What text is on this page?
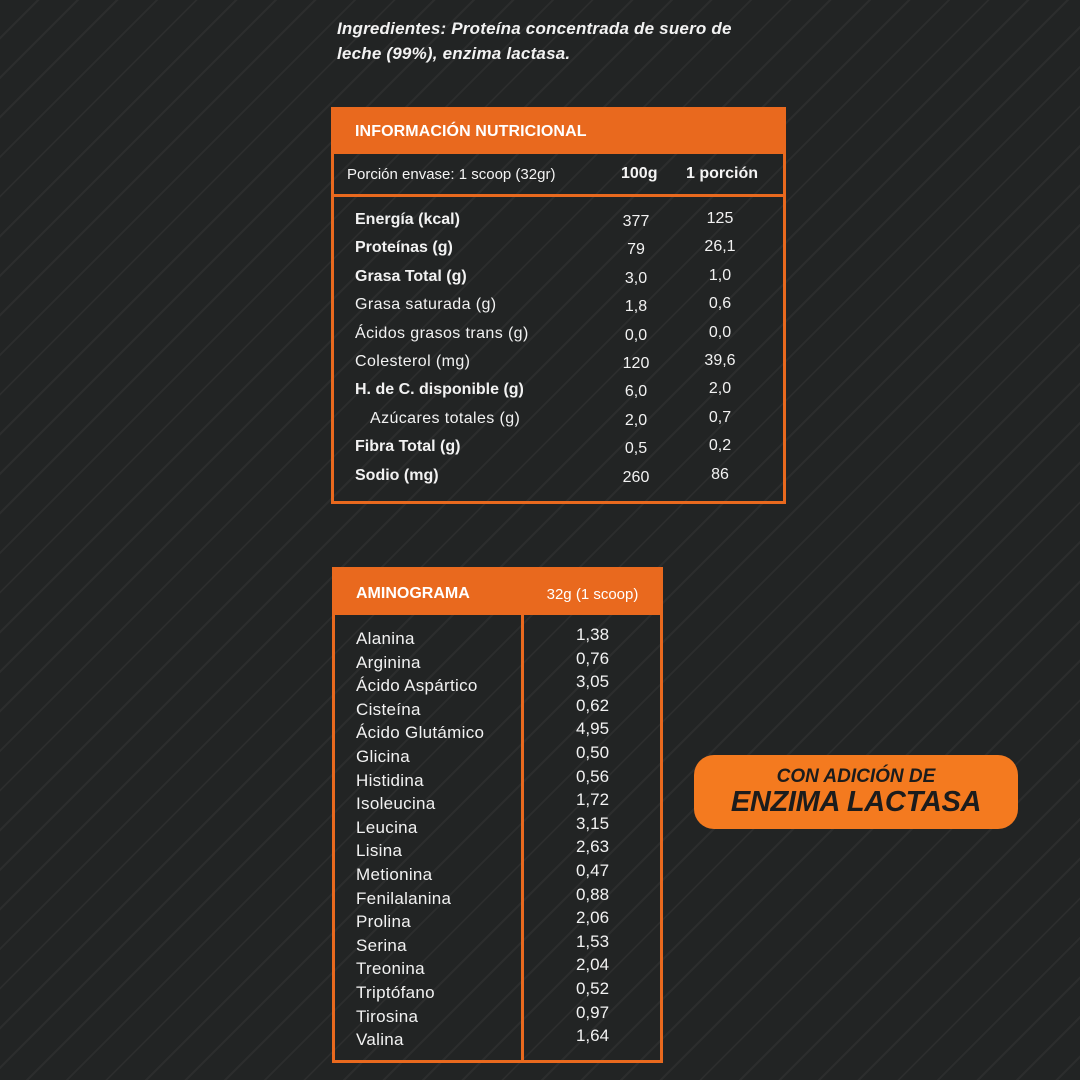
Ingredientes: Proteína concentrada de suero de leche (99%), enzima lactasa.
INFORMACIÓN NUTRICIONAL
Porción envase: 1 scoop (32gr)	100g 1 porción
Energía (kcal)	377	125
Proteínas (g)	79	26,1
Grasa Total (g)	3,0	1,0
Grasa saturada (g)	1,8	0,6
Ácidos grasos trans (g)	0,0	0,0
Colesterol (mg)	120	39,6
H. de C. disponible (g)	6,0	2,0
Azúcares totales (g)	2,0	0,7
Fibra Total (g)	0,5	0,2
Sodio (mg)	260	86
AMINOGRAMA	32g (1 scoop)
Alanina	1,38
Arginina	0,76
Ácido Aspártico	3,05
Cisteína	0,62
Ácido Glutámico	4,95
Glicina	0,50
Histidina	0,56
Isoleucina	1,72
Leucina	3,15
Lisina	2,63
Metionina	0,47
Fenilalanina	0,88
Prolina	2,06
Serina	1,53
Treonina	2,04
Triptófano	0,52
Tirosina	0,97
Valina	1,64
CON ADICIÓN DE
ENZIMA LACTASA
